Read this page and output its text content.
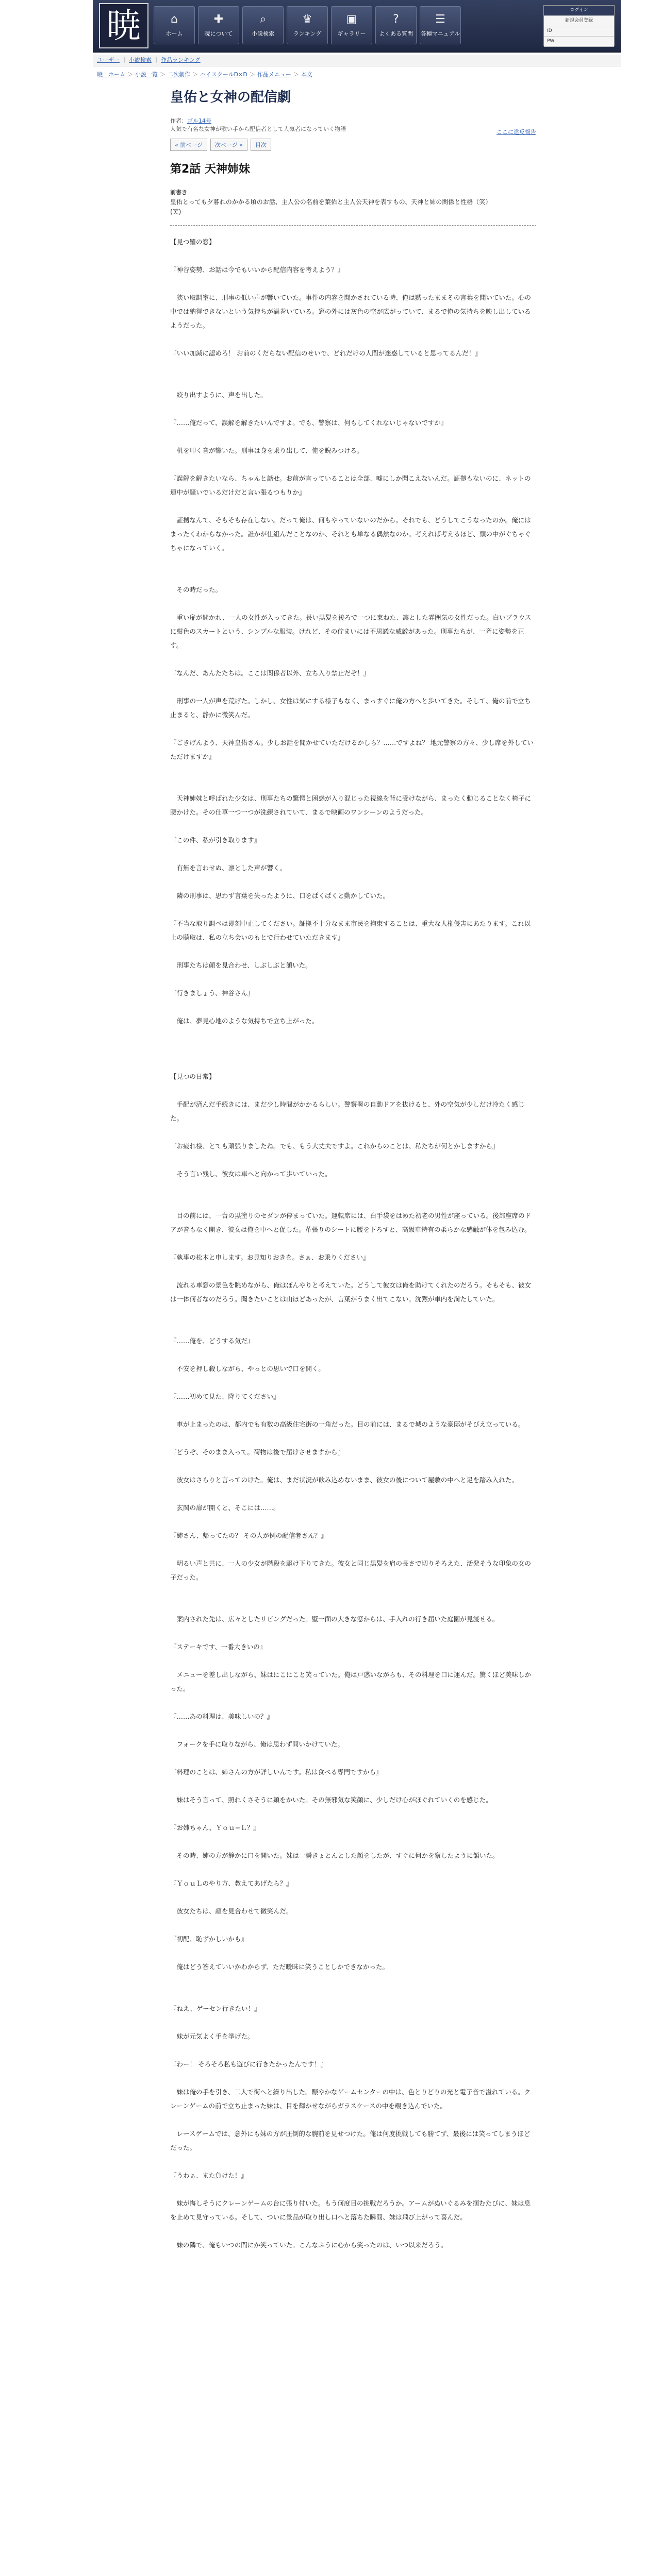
暁	⌂
ホーム
✚
暁について
⌕
小説検索
♛
ランキング
▣
ギャラリー
?
よくある質問
☰
各種マニュアル
ログイン
新規会員登録
ID
PW
ユーザー ｜ 小説検索 ｜ 作品ランキング
暁　ホーム ＞ 小説一覧 ＞ 二次創作 ＞ ハイスクールD×D ＞ 作品メニュー ＞ 本文
皇佑と女神の配信劇
作者：ゴル14号
人気で有名な女神が歌い手から配信者として人気者になっていく物語	ここに違反報告
« 前ページ	次ページ »	目次
第2話 天神姉妹
前書き
皇佑とっても夕暮れのかかる頃のお話、主人公の名前を葉佑と主人公天神を表すもの、天神と姉の関係と性格（笑）
(笑)

【見つ羅の窓】

『神谷姿勢、お話は今でもいいから配信内容を考えよう？』

　狭い取調室に、刑事の低い声が響いていた。事件の内容を聞かされている時、俺は黙ったままその言葉を聞いていた。心の中では納得できないという気持ちが渦巻いている。窓の外には灰色の空が広がっていて、まるで俺の気持ちを映し出しているようだった。

『いい加減に認めろ！ お前のくだらない配信のせいで、どれだけの人間が迷惑していると思ってるんだ！』

　絞り出すように、声を出した。

『……俺だって、誤解を解きたいんですよ。でも、警察は、何もしてくれないじゃないですか』

　机を叩く音が響いた。刑事は身を乗り出して、俺を睨みつける。

『誤解を解きたいなら、ちゃんと話せ。お前が言っていることは全部、嘘にしか聞こえないんだ。証拠もないのに、ネットの連中が騒いでいるだけだと言い張るつもりか』

　証拠なんて、そもそも存在しない。だって俺は、何もやっていないのだから。それでも、どうしてこうなったのか。俺にはまったくわからなかった。誰かが仕組んだことなのか、それとも単なる偶然なのか。考えれば考えるほど、頭の中がぐちゃぐちゃになっていく。

　その時だった。

　重い扉が開かれ、一人の女性が入ってきた。長い黒髪を後ろで一つに束ねた、凛とした雰囲気の女性だった。白いブラウスに紺色のスカートという、シンプルな服装。けれど、その佇まいには不思議な威厳があった。刑事たちが、一斉に姿勢を正す。

『なんだ、あんたたちは。ここは関係者以外、立ち入り禁止だぞ！』

　刑事の一人が声を荒げた。しかし、女性は気にする様子もなく、まっすぐに俺の方へと歩いてきた。そして、俺の前で立ち止まると、静かに微笑んだ。

『ごきげんよう、天神皇佑さん。少しお話を聞かせていただけるかしら？……ですよね？ 地元警察の方々、少し席を外していただけますか』

　天神姉妹と呼ばれた少女は、刑事たちの驚愕と困惑が入り混じった視線を背に受けながら、まったく動じることなく椅子に腰かけた。その仕草一つ一つが洗練されていて、まるで映画のワンシーンのようだった。

『この件、私が引き取ります』

　有無を言わせぬ、凛とした声が響く。

　隣の刑事は、思わず言葉を失ったように、口をぱくぱくと動かしていた。

『不当な取り調べは即刻中止してください。証拠不十分なまま市民を拘束することは、重大な人権侵害にあたります。これ以上の聴取は、私の立ち会いのもとで行わせていただきます』

　刑事たちは顔を見合わせ、しぶしぶと頷いた。

『行きましょう、神谷さん』

　俺は、夢見心地のような気持ちで立ち上がった。

【見つの日常】

　手配が済んだ手続きには、まだ少し時間がかかるらしい。警察署の自動ドアを抜けると、外の空気が少しだけ冷たく感じた。

『お疲れ様、とても頑張りましたね。でも、もう大丈夫ですよ。これからのことは、私たちが何とかしますから』

　そう言い残し、彼女は車へと向かって歩いていった。

　目の前には、一台の黒塗りのセダンが停まっていた。運転席には、白手袋をはめた初老の男性が座っている。後部座席のドアが音もなく開き、彼女は俺を中へと促した。革張りのシートに腰を下ろすと、高級車特有の柔らかな感触が体を包み込む。

『執事の松木と申します。お見知りおきを。さぁ、お乗りください』

　流れる車窓の景色を眺めながら、俺はぼんやりと考えていた。どうして彼女は俺を助けてくれたのだろう。そもそも、彼女は一体何者なのだろう。聞きたいことは山ほどあったが、言葉がうまく出てこない。沈黙が車内を満たしていた。

『……俺を、どうする気だ』

　不安を押し殺しながら、やっとの思いで口を開く。

『……初めて見た、降りてください』

　車が止まったのは、都内でも有数の高級住宅街の一角だった。目の前には、まるで城のような豪邸がそびえ立っている。

『どうぞ、そのまま入って。荷物は後で届けさせますから』

　彼女はさらりと言ってのけた。俺は、まだ状況が飲み込めないまま、彼女の後について屋敷の中へと足を踏み入れた。

　玄関の扉が開くと、そこには……。

『姉さん、帰ってたの？ その人が例の配信者さん？』

　明るい声と共に、一人の少女が階段を駆け下りてきた。彼女と同じ黒髪を肩の長さで切りそろえた、活発そうな印象の女の子だった。

　案内された先は、広々としたリビングだった。壁一面の大きな窓からは、手入れの行き届いた庭園が見渡せる。

『ステーキです、一番大きいの』

　メニューを差し出しながら、妹はにこにこと笑っていた。俺は戸惑いながらも、その料理を口に運んだ。驚くほど美味しかった。

『……あの料理は、美味しいの？』

　フォークを手に取りながら、俺は思わず問いかけていた。

『料理のことは、姉さんの方が詳しいんです。私は食べる専門ですから』

　妹はそう言って、照れくさそうに頬をかいた。その無邪気な笑顔に、少しだけ心がほぐれていくのを感じた。

『お姉ちゃん、Ｙｏｕ−Ｌ？』

　その時、姉の方が静かに口を開いた。妹は一瞬きょとんとした顔をしたが、すぐに何かを察したように頷いた。

『ＹｏｕＬのやり方、教えてあげたら？』

　彼女たちは、顔を見合わせて微笑んだ。

『初配、恥ずかしいかも』

　俺はどう答えていいかわからず、ただ曖昧に笑うことしかできなかった。

『ねえ、ゲーセン行きたい！』

　妹が元気よく手を挙げた。

『わー！ そろそろ私も遊びに行きたかったんです！』

　妹は俺の手を引き、二人で街へと繰り出した。賑やかなゲームセンターの中は、色とりどりの光と電子音で溢れている。クレーンゲームの前で立ち止まった妹は、目を輝かせながらガラスケースの中を覗き込んでいた。

　レースゲームでは、意外にも妹の方が圧倒的な腕前を見せつけた。俺は何度挑戦しても勝てず、最後には笑ってしまうほどだった。

『うわぁ、また負けた！』

　妹が悔しそうにクレーンゲームの台に張り付いた。もう何度目の挑戦だろうか。アームがぬいぐるみを掴むたびに、妹は息を止めて見守っている。そして、ついに景品が取り出し口へと落ちた瞬間、妹は飛び上がって喜んだ。

　妹の隣で、俺もいつの間にか笑っていた。こんなふうに心から笑ったのは、いつ以来だろう。
